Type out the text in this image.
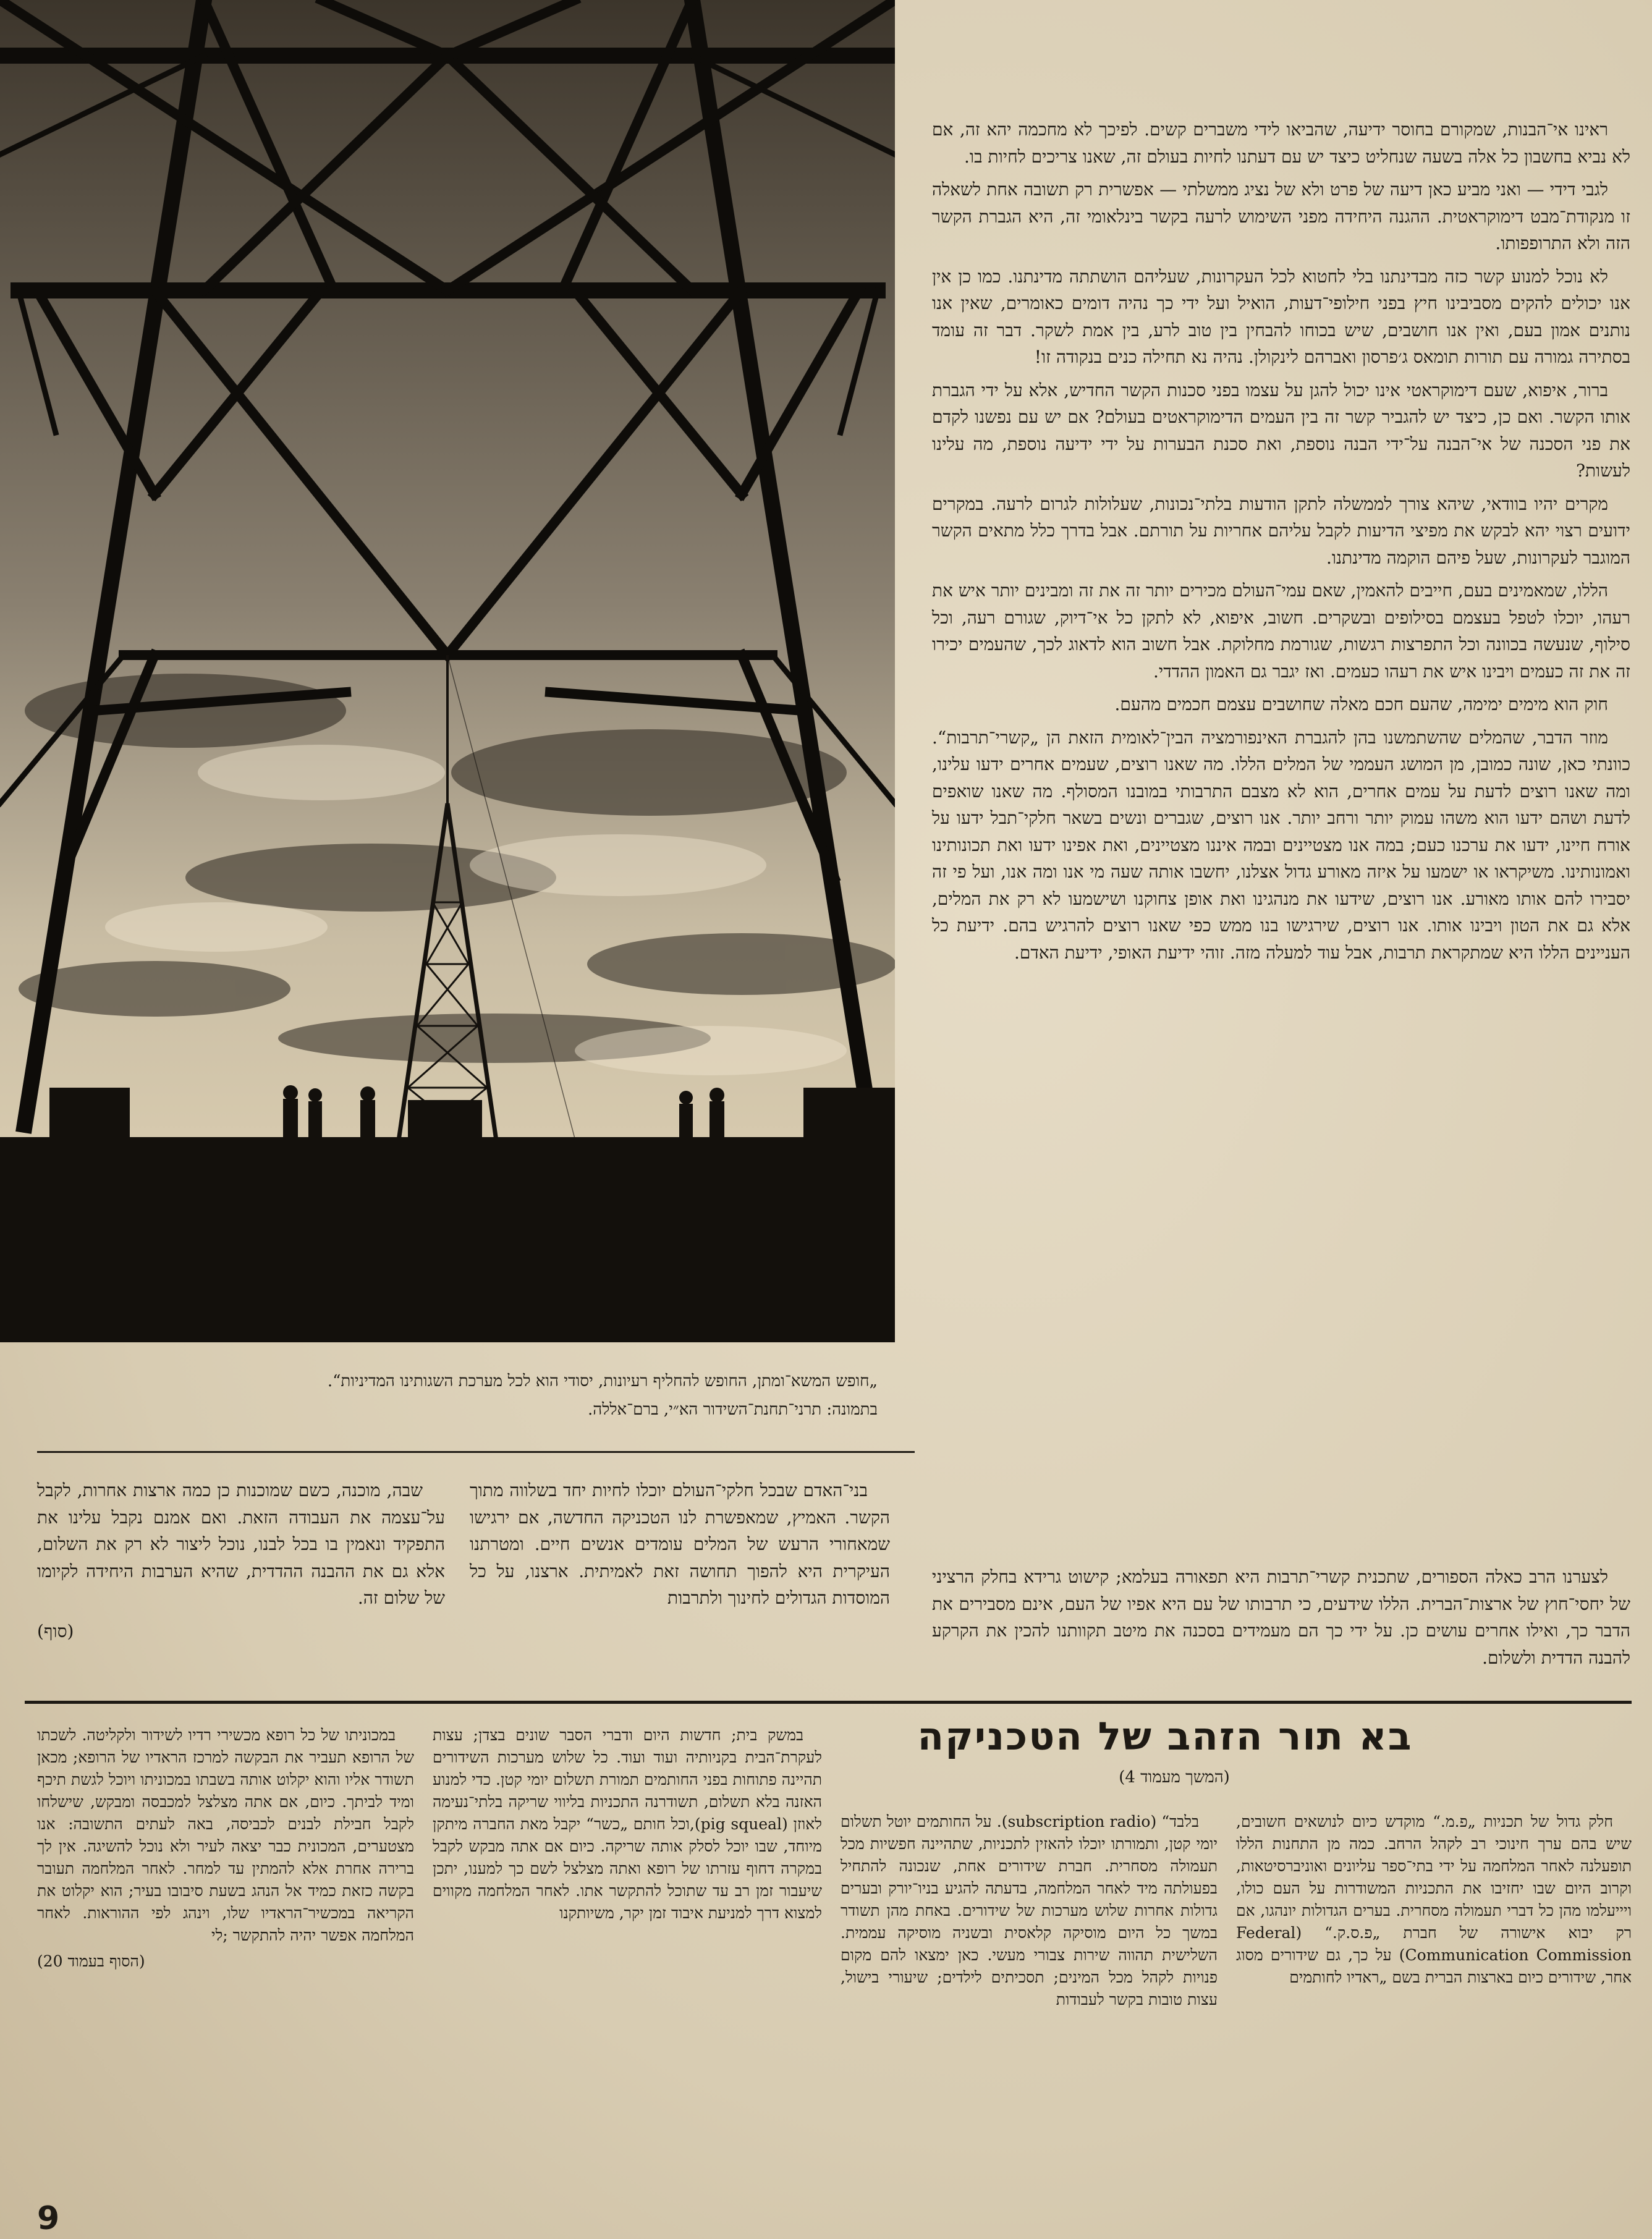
„חופש המשא־ומתן, החופש להחליף רעיונות, יסודי הוא לכל מערכת השגותינו המדיניות“.
בתמונה: תרני־תחנת־השידור הא״י, ברם־אללה.

ראינו אי־הבנות, שמקורם בחוסר ידיעה, שהביאו לידי משברים קשים. לפיכך לא מחכמה יהא זה, אם לא נביא בחשבון כל אלה בשעה שנחליט כיצד יש עם דעתנו לחיות בעולם זה, שאנו צריכים לחיות בו.

לגבי דידי — ואני מביע כאן דיעה של פרט ולא של נציג ממשלתי — אפשרית רק תשובה אחת לשאלה זו מנקודת־מבט דימוקראטית. ההגנה היחידה מפני השימוש לרעה בקשר בינלאומי זה, היא הגברת הקשר הזה ולא התרופפותו.

לא נוכל למנוע קשר כזה מבדינתנו בלי לחטוא לכל העקרונות, שעליהם הושתתה מדינתנו. כמו כן אין אנו יכולים להקים מסביבינו חיץ בפני חילופי־דעות, הואיל ועל ידי כך נהיה דומים כאומרים, שאין אנו נותנים אמון בעם, ואין אנו חושבים, שיש בכוחו להבחין בין טוב לרע, בין אמת לשקר. דבר זה עומד בסתירה גמורה עם תורות תומאס ג׳פרסון ואברהם לינקולן. נהיה נא תחילה כנים בנקודה זו!

ברור, איפוא, שעם דימוקראטי אינו יכול להגן על עצמו בפני סכנות הקשר החדיש, אלא על ידי הגברת אותו הקשר. ואם כן, כיצד יש להגביר קשר זה בין העמים הדימוקראטים בעולם? אם יש עם נפשנו לקדם את פני הסכנה של אי־הבנה על־ידי הבנה נוספת, ואת סכנת הבערות על ידי ידיעה נוספת, מה עלינו לעשות?

מקרים יהיו בוודאי, שיהא צורך לממשלה לתקן הודעות בלתי־נכונות, שעלולות לגרום לרעה. במקרים ידועים רצוי יהא לבקש את מפיצי הדיעות לקבל עליהם אחריות על תורתם. אבל בדרך כלל מתאים הקשר המוגבר לעקרונות, שעל פיהם הוקמה מדינתנו.

הללו, שמאמינים בעם, חייבים להאמין, שאם עמי־העולם מכירים יותר זה את זה ומבינים יותר איש את רעהו, יוכלו לטפל בעצמם בסילופים ובשקרים. חשוב, איפוא, לא לתקן כל אי־דיוק, שגורם רעה, וכל סילוף, שנעשה בכוונה וכל התפרצות רגשות, שגורמת מחלוקת. אבל חשוב הוא לדאוג לכך, שהעמים יכירו זה את זה כעמים ויבינו איש את רעהו כעמים. ואז יגבר גם האמון ההדדי.

חוק הוא מימים ימימה, שהעם חכם מאלה שחושבים עצמם חכמים מהעם.

מוזר הדבר, שהמלים שהשתמשנו בהן להגברת האינפורמציה הבין־לאומית הזאת הן „קשרי־תרבות“. כוונתי כאן, שונה כמובן, מן המושג העממי של המלים הללו. מה שאנו רוצים, שעמים אחרים ידעו עלינו, ומה שאנו רוצים לדעת על עמים אחרים, הוא לא מצבם התרבותי במובנו המסולף. מה שאנו שואפים לדעת ושהם ידעו הוא משהו עמוק יותר ורחב יותר. אנו רוצים, שגברים ונשים בשאר חלקי־תבל ידעו על אורח חיינו, ידעו את ערכנו כעם; במה אנו מצטיינים ובמה איננו מצטיינים, ואת אפינו ידעו ואת תכונותינו ואמונותינו. משיקראו או ישמעו על איזה מאורע גדול אצלנו, יחשבו אותה שעה מי אנו ומה אנו, ועל פי זה יסבירו להם אותו מאורע. אנו רוצים, שידעו את מנהגינו ואת אופן צחוקנו ושישמעו לא רק את המלים, אלא גם את הטון ויבינו אותו. אנו רוצים, שירגישו בנו ממש כפי שאנו רוצים להרגיש בהם. ידיעת כל העניינים הללו היא שמתקראת תרבות, אבל עוד למעלה מזה. זוהי ידיעת האופי, ידיעת האדם.

לצערנו הרב כאלה הספורים, שתכנית קשרי־תרבות היא תפאורה בעלמא; קישוט גרידא בחלק הרציני של יחסי־חוץ של ארצות־הברית. הללו שידעים, כי תרבותו של עם היא אפיו של העם, אינם מסבירים את הדבר כך, ואילו אחרים עושים כן. על ידי כך הם מעמידים בסכנה את מיטב תקוותנו להכין את הקרקע להבנה הדדית ולשלום.

בני־האדם שבכל חלקי־העולם יוכלו לחיות יחד בשלווה מתוך הקשר. האמיץ, שמאפשרת לנו הטכניקה החדשה, אם ירגישו שמאחורי הרעש של המלים עומדים אנשים חיים. ומטרתנו העיקרית היא להפוך תחושה זאת לאמיתית. ארצנו, על כל המוסדות הגדולים לחינוך ולתרבות

שבה, מוכנה, כשם שמוכנות כן כמה ארצות אחרות, לקבל על־עצמה את העבודה הזאת. ואם אמנם נקבל עלינו את התפקיד ונאמין בו בכל לבנו, נוכל ליצור לא רק את השלום, אלא גם את ההבנה ההדדית, שהיא הערבות היחידה לקיומו של שלום זה.

(סוף)

בא תור הזהב של הטכניקה
(המשך מעמוד 4)

חלק גדול של תכניות „פ.מ.“ מוקדש כיום לנושאים חשובים, שיש בהם ערך חינוכי רב לקהל הרחב. כמה מן התחנות הללו תופעלנה לאחר המלחמה על ידי בתי־ספר עליונים ואוניברסיטאות, וקרוב היום שבו יחזיבו את התכניות המשודרות על העם כולו, ויייעלמו מהן כל דברי תעמולה מסחרית. בערים הגדולות יונהגו, אם רק יבוא אישורה של חברת „פ.ס.ק.“ (Federal Communication Commission) על כך, גם שידורים מסוג אחר, שידורים כיום בארצות הברית בשם „ראדיו לחותמים

בלבד“ (subscription radio). על החותמים יוטל תשלום יומי קטן, ותמורתו יוכלו להאזין לתכניות, שתהיינה חפשיות מכל תעמולה מסחרית. חברת שידורים אחת, שנכונה להתחיל בפעולתה מיד לאחר המלחמה, בדעתה להגיע בניו־יורק ובערים גדולות אחרות שלוש מערכות של שידורים. באחת מהן תשודר במשך כל היום מוסיקה קלאסית ובשניה מוסיקה עממית. השלישית תהווה שירות צבורי מעשי. כאן ימצאו להם מקום פנויות לקהל מכל המינים; תסכיתים לילדים; שיעורי בישול, עצות טובות בקשר לעבודות

במשק בית; חדשות היום ודברי הסבר שונים בצדן; עצות לעקרת־הבית בקניותיה ועוד ועוד. כל שלוש מערכות השידורים תהיינה פתוחות בפני החותמים תמורת תשלום יומי קטן. כדי למנוע האזנה בלא תשלום, תשודרנה התכניות בליווי שריקה בלתי־נעימה לאוזן (pig squeal),וכל חותם „כשר“ יקבל מאת החברה מיתקן מיוחד, שבו יוכל לסלק אותה שריקה. כיום אם אתה מבקש לקבל במקרה דחוף עזרתו של רופא ואתה מצלצל לשם כך למענו, יתכן שיעבור זמן רב עד שתוכל להתקשר אתו. לאחר המלחמה מקווים למצוא דרך למניעת איבוד זמן יקר, משיותקנו

במכוניתו של כל רופא מכשירי רדיו לשידור ולקליטה. לשכתו של הרופא תעביר את הבקשה למרכז הראדיו של הרופא; מכאן תשודר אליו והוא יקלוט אותה בשבתו במכוניתו ויוכל לגשת תיכף ומיד לביתך. כיום, אם אתה מצלצל למכבסה ומבקש, שישלחו לקבל חבילת לבנים לכביסה, באה לעתים התשובה: אנו מצטערים, המכונית כבר יצאה לעיר ולא נוכל להשיגה. אין לך ברירה אחרת אלא להמתין עד למחר. לאחר המלחמה תעובר בקשה כזאת כמיד אל הנהג בשעת סיבובו בעיר; הוא יקלוט את הקריאה במכשיר־הראדיו שלו, וינהג לפי ההוראות. לאחר המלחמה אפשר יהיה להתקשר ;לי

(הסוף בעמוד 20)

9
